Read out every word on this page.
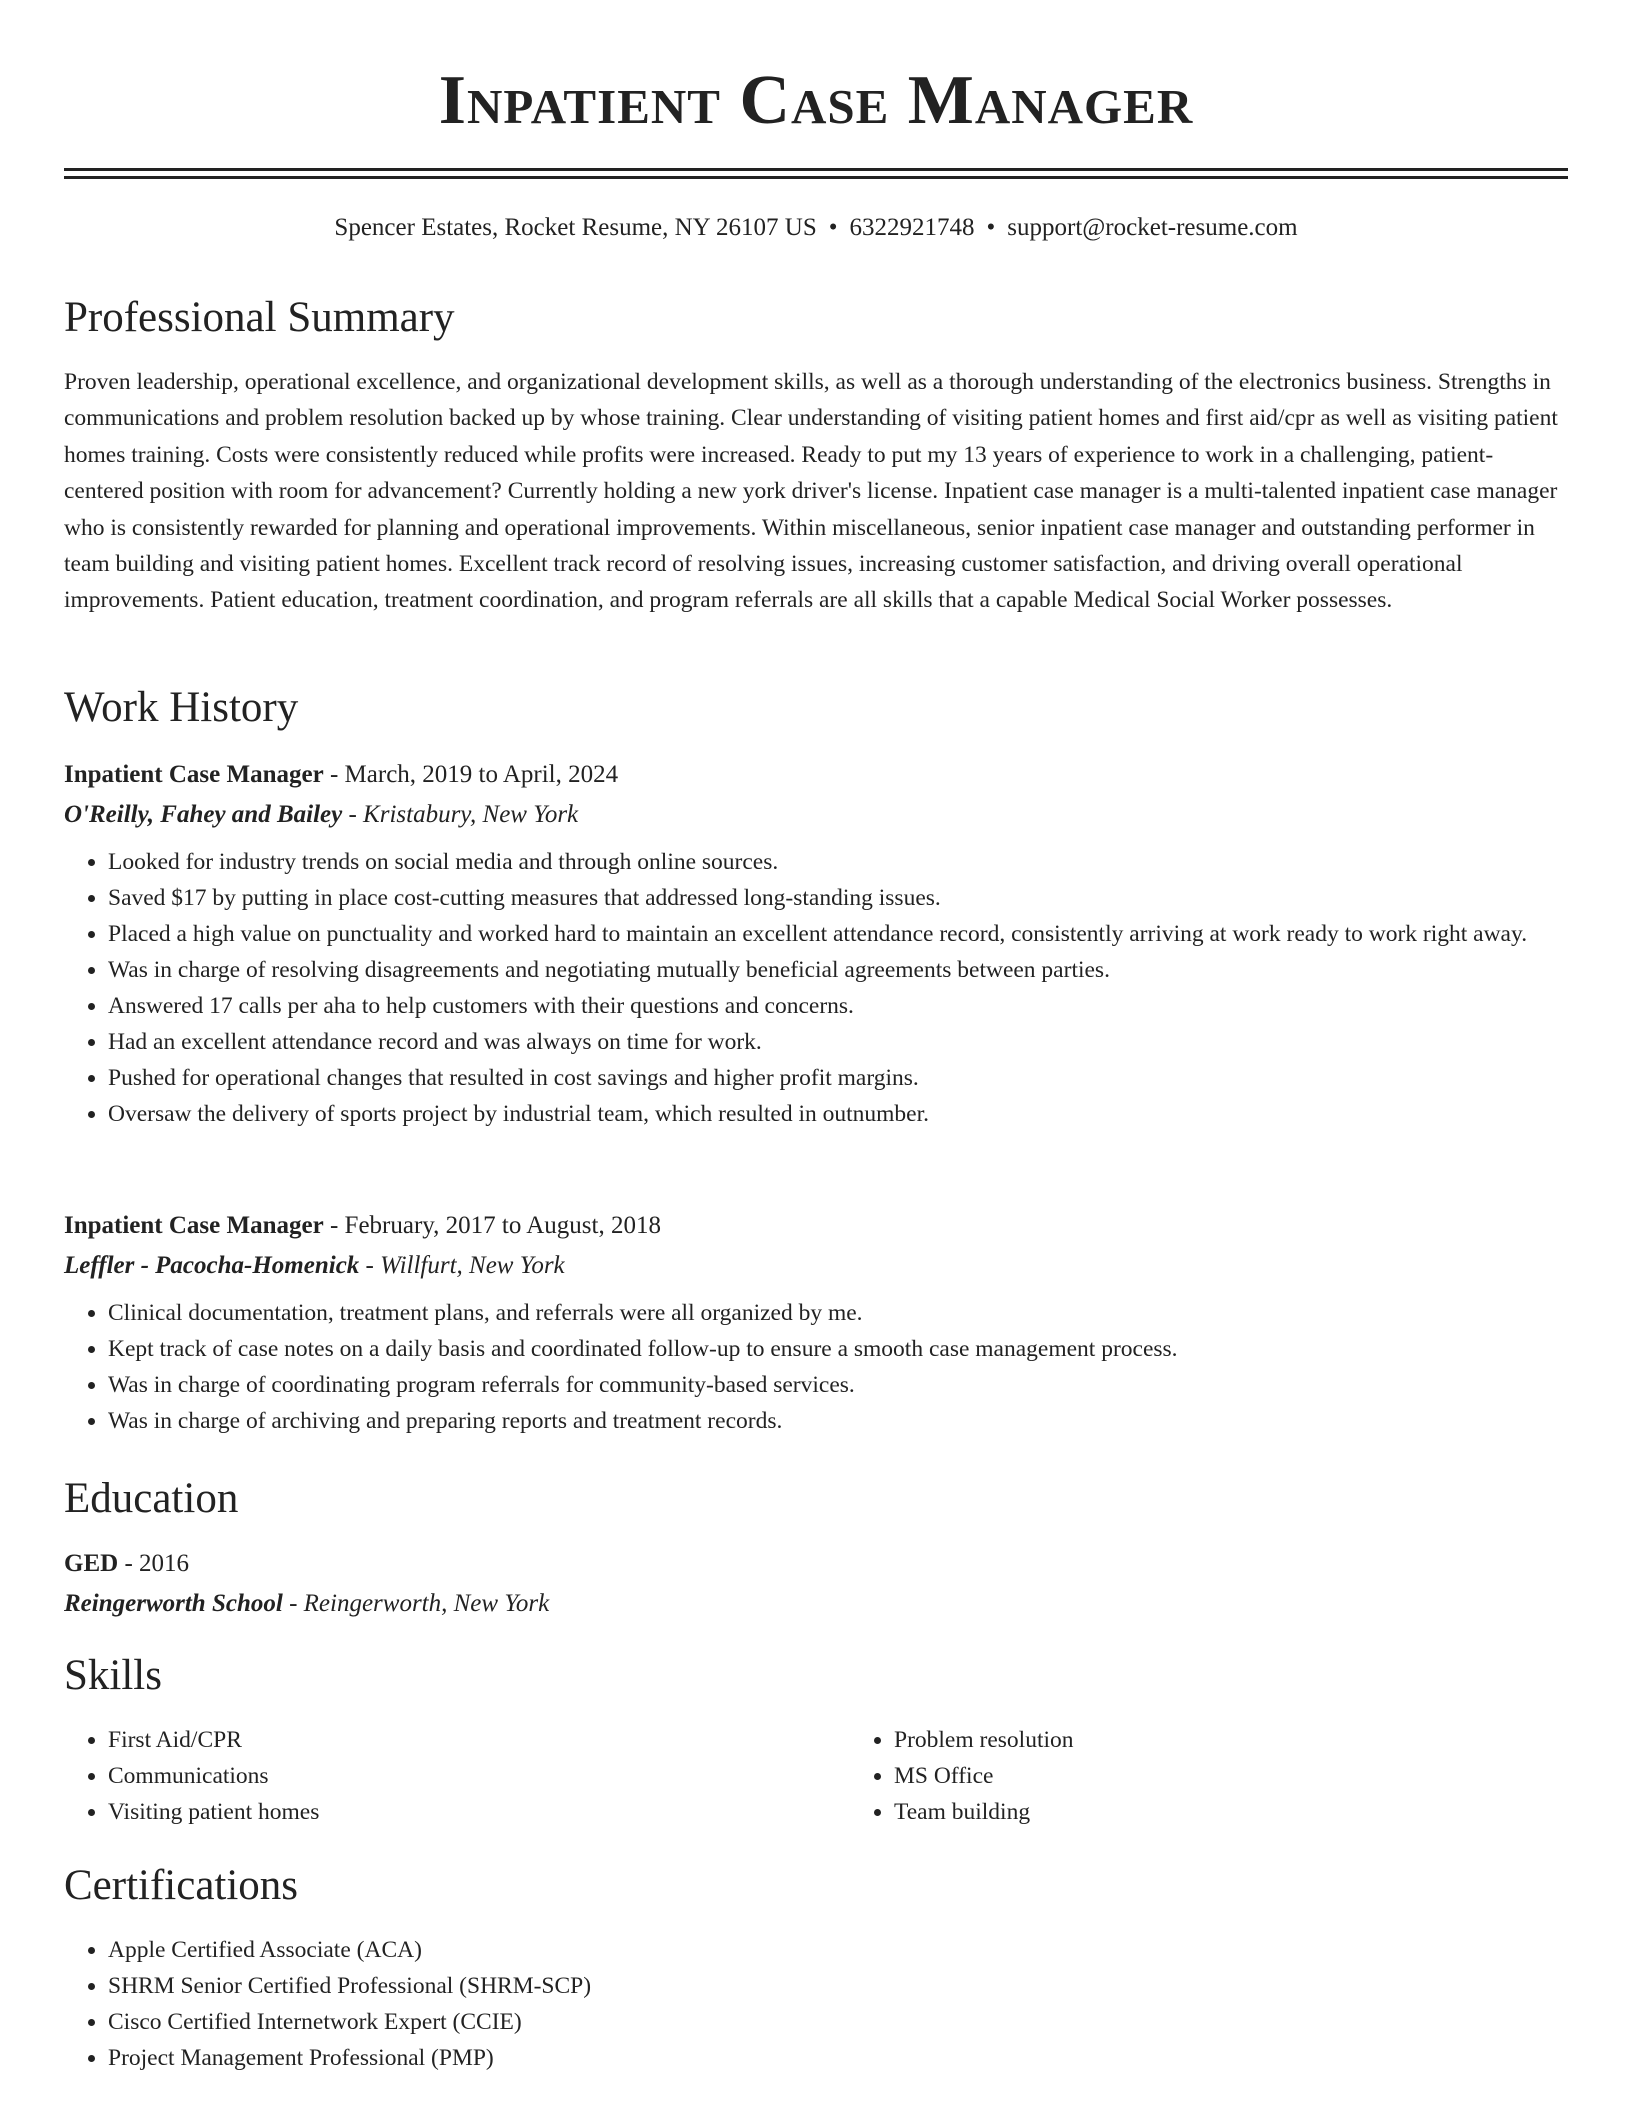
Inpatient Case Manager
Spencer Estates, Rocket Resume, NY 26107 US • 6322921748 • support@rocket-resume.com
Professional Summary

Proven leadership, operational excellence, and organizational development skills, as well as a thorough understanding of the electronics business. Strengths in communications and problem resolution backed up by whose training. Clear understanding of visiting patient homes and first aid/cpr as well as visiting patient homes training. Costs were consistently reduced while profits were increased. Ready to put my 13 years of experience to work in a challenging, patient-centered position with room for advancement? Currently holding a new york driver's license. Inpatient case manager is a multi-talented inpatient case manager who is consistently rewarded for planning and operational improvements. Within miscellaneous, senior inpatient case manager and outstanding performer in team building and visiting patient homes. Excellent track record of resolving issues, increasing customer satisfaction, and driving overall operational improvements. Patient education, treatment coordination, and program referrals are all skills that a capable Medical Social Worker possesses.

Work History

Inpatient Case Manager - March, 2019 to April, 2024

O'Reilly, Fahey and Bailey - Kristabury, New York

• Looked for industry trends on social media and through online sources.
• Saved $17 by putting in place cost-cutting measures that addressed long-standing issues.
• Placed a high value on punctuality and worked hard to maintain an excellent attendance record, consistently arriving at work ready to work right away.
• Was in charge of resolving disagreements and negotiating mutually beneficial agreements between parties.
• Answered 17 calls per aha to help customers with their questions and concerns.
• Had an excellent attendance record and was always on time for work.
• Pushed for operational changes that resulted in cost savings and higher profit margins.
• Oversaw the delivery of sports project by industrial team, which resulted in outnumber.

Inpatient Case Manager - February, 2017 to August, 2018

Leffler - Pacocha-Homenick - Willfurt, New York

• Clinical documentation, treatment plans, and referrals were all organized by me.
• Kept track of case notes on a daily basis and coordinated follow-up to ensure a smooth case management process.
• Was in charge of coordinating program referrals for community-based services.
• Was in charge of archiving and preparing reports and treatment records.
Education

GED - 2016

Reingerworth School - Reingerworth, New York

Skills
• First Aid/CPR
• Communications
• Visiting patient homes
• Problem resolution
• MS Office
• Team building
Certifications
• Apple Certified Associate (ACA)
• SHRM Senior Certified Professional (SHRM-SCP)
• Cisco Certified Internetwork Expert (CCIE)
• Project Management Professional (PMP)
